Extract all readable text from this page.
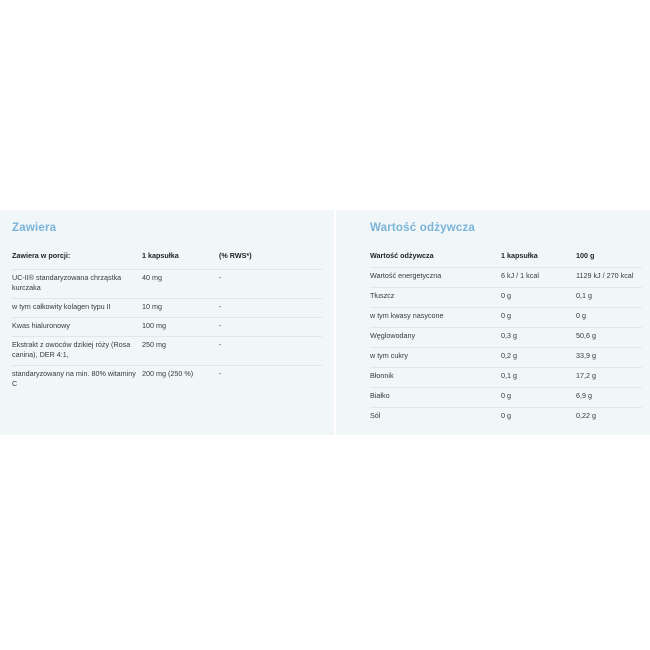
Zawiera
Zawiera w porcji:	1 kapsułka	(% RWS*)
UC-II® standaryzowana chrząstka kurczaka	40 mg	-
w tym całkowity kolagen typu II	10 mg	-
Kwas hialuronowy	100 mg	-
Ekstrakt z owoców dzikiej róży (Rosa canina), DER 4:1,	250 mg	-
standaryzowany na min. 80% witaminy C	200 mg (250 %)	-
Wartość odżywcza
Wartość odżywcza	1 kapsułka	100 g
Wartość energetyczna	6 kJ / 1 kcal	1129 kJ / 270 kcal
Tłuszcz	0 g	0,1 g
w tym kwasy nasycone	0 g	0 g
Węglowodany	0,3 g	50,6 g
w tym cukry	0,2 g	33,9 g
Błonnik	0,1 g	17,2 g
Białko	0 g	6,9 g
Sól	0 g	0,22 g
